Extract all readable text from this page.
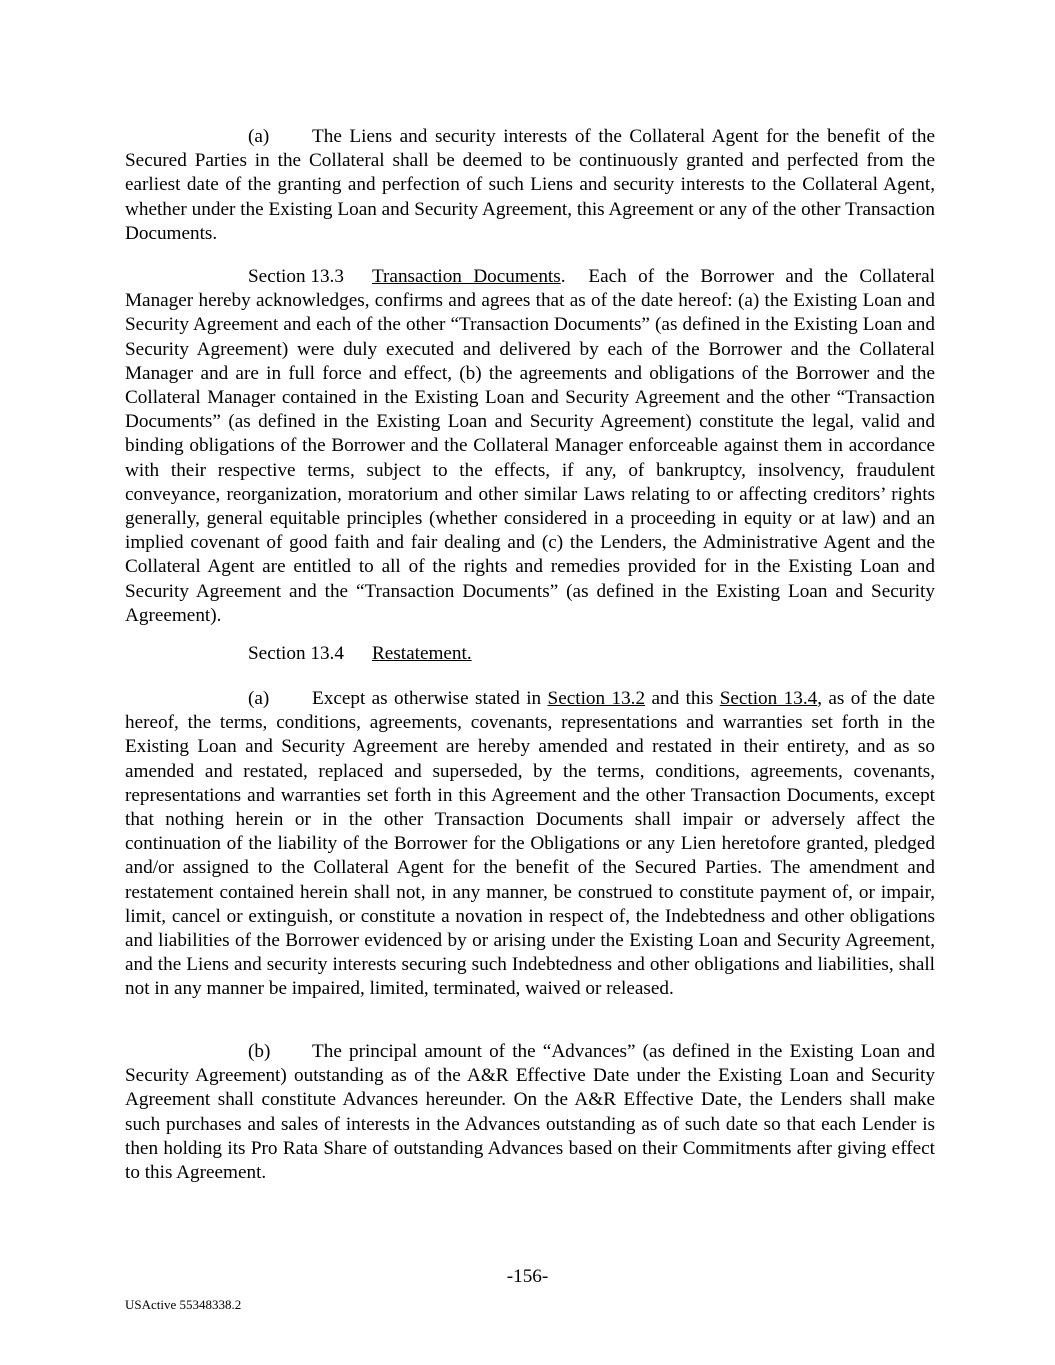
(a) The Liens and security interests of the Collateral Agent for the benefit of the Secured Parties in the Collateral shall be deemed to be continuously granted and perfected from the earliest date of the granting and perfection of such Liens and security interests to the Collateral Agent, whether under the Existing Loan and Security Agreement, this Agreement or any of the other Transaction Documents.

Section 13.3 Transaction Documents. Each of the Borrower and the Collateral Manager hereby acknowledges, confirms and agrees that as of the date hereof: (a) the Existing Loan and Security Agreement and each of the other “Transaction Documents” (as defined in the Existing Loan and Security Agreement) were duly executed and delivered by each of the Borrower and the Collateral Manager and are in full force and effect, (b) the agreements and obligations of the Borrower and the Collateral Manager contained in the Existing Loan and Security Agreement and the other “Transaction Documents” (as defined in the Existing Loan and Security Agreement) constitute the legal, valid and binding obligations of the Borrower and the Collateral Manager enforceable against them in accordance with their respective terms, subject to the effects, if any, of bankruptcy, insolvency, fraudulent conveyance, reorganization, moratorium and other similar Laws relating to or affecting creditors’ rights generally, general equitable principles (whether considered in a proceeding in equity or at law) and an implied covenant of good faith and fair dealing and (c) the Lenders, the Administrative Agent and the Collateral Agent are entitled to all of the rights and remedies provided for in the Existing Loan and Security Agreement and the “Transaction Documents” (as defined in the Existing Loan and Security Agreement).

Section 13.4 Restatement.

(a) Except as otherwise stated in Section 13.2 and this Section 13.4, as of the date hereof, the terms, conditions, agreements, covenants, representations and warranties set forth in the Existing Loan and Security Agreement are hereby amended and restated in their entirety, and as so amended and restated, replaced and superseded, by the terms, conditions, agreements, covenants, representations and warranties set forth in this Agreement and the other Transaction Documents, except that nothing herein or in the other Transaction Documents shall impair or adversely affect the continuation of the liability of the Borrower for the Obligations or any Lien heretofore granted, pledged and/or assigned to the Collateral Agent for the benefit of the Secured Parties. The amendment and restatement contained herein shall not, in any manner, be construed to constitute payment of, or impair, limit, cancel or extinguish, or constitute a novation in respect of, the Indebtedness and other obligations and liabilities of the Borrower evidenced by or arising under the Existing Loan and Security Agreement, and the Liens and security interests securing such Indebtedness and other obligations and liabilities, shall not in any manner be impaired, limited, terminated, waived or released.

(b) The principal amount of the “Advances” (as defined in the Existing Loan and Security Agreement) outstanding as of the A&R Effective Date under the Existing Loan and Security Agreement shall constitute Advances hereunder. On the A&R Effective Date, the Lenders shall make such purchases and sales of interests in the Advances outstanding as of such date so that each Lender is then holding its Pro Rata Share of outstanding Advances based on their Commitments after giving effect to this Agreement.

-156-
USActive 55348338.2
